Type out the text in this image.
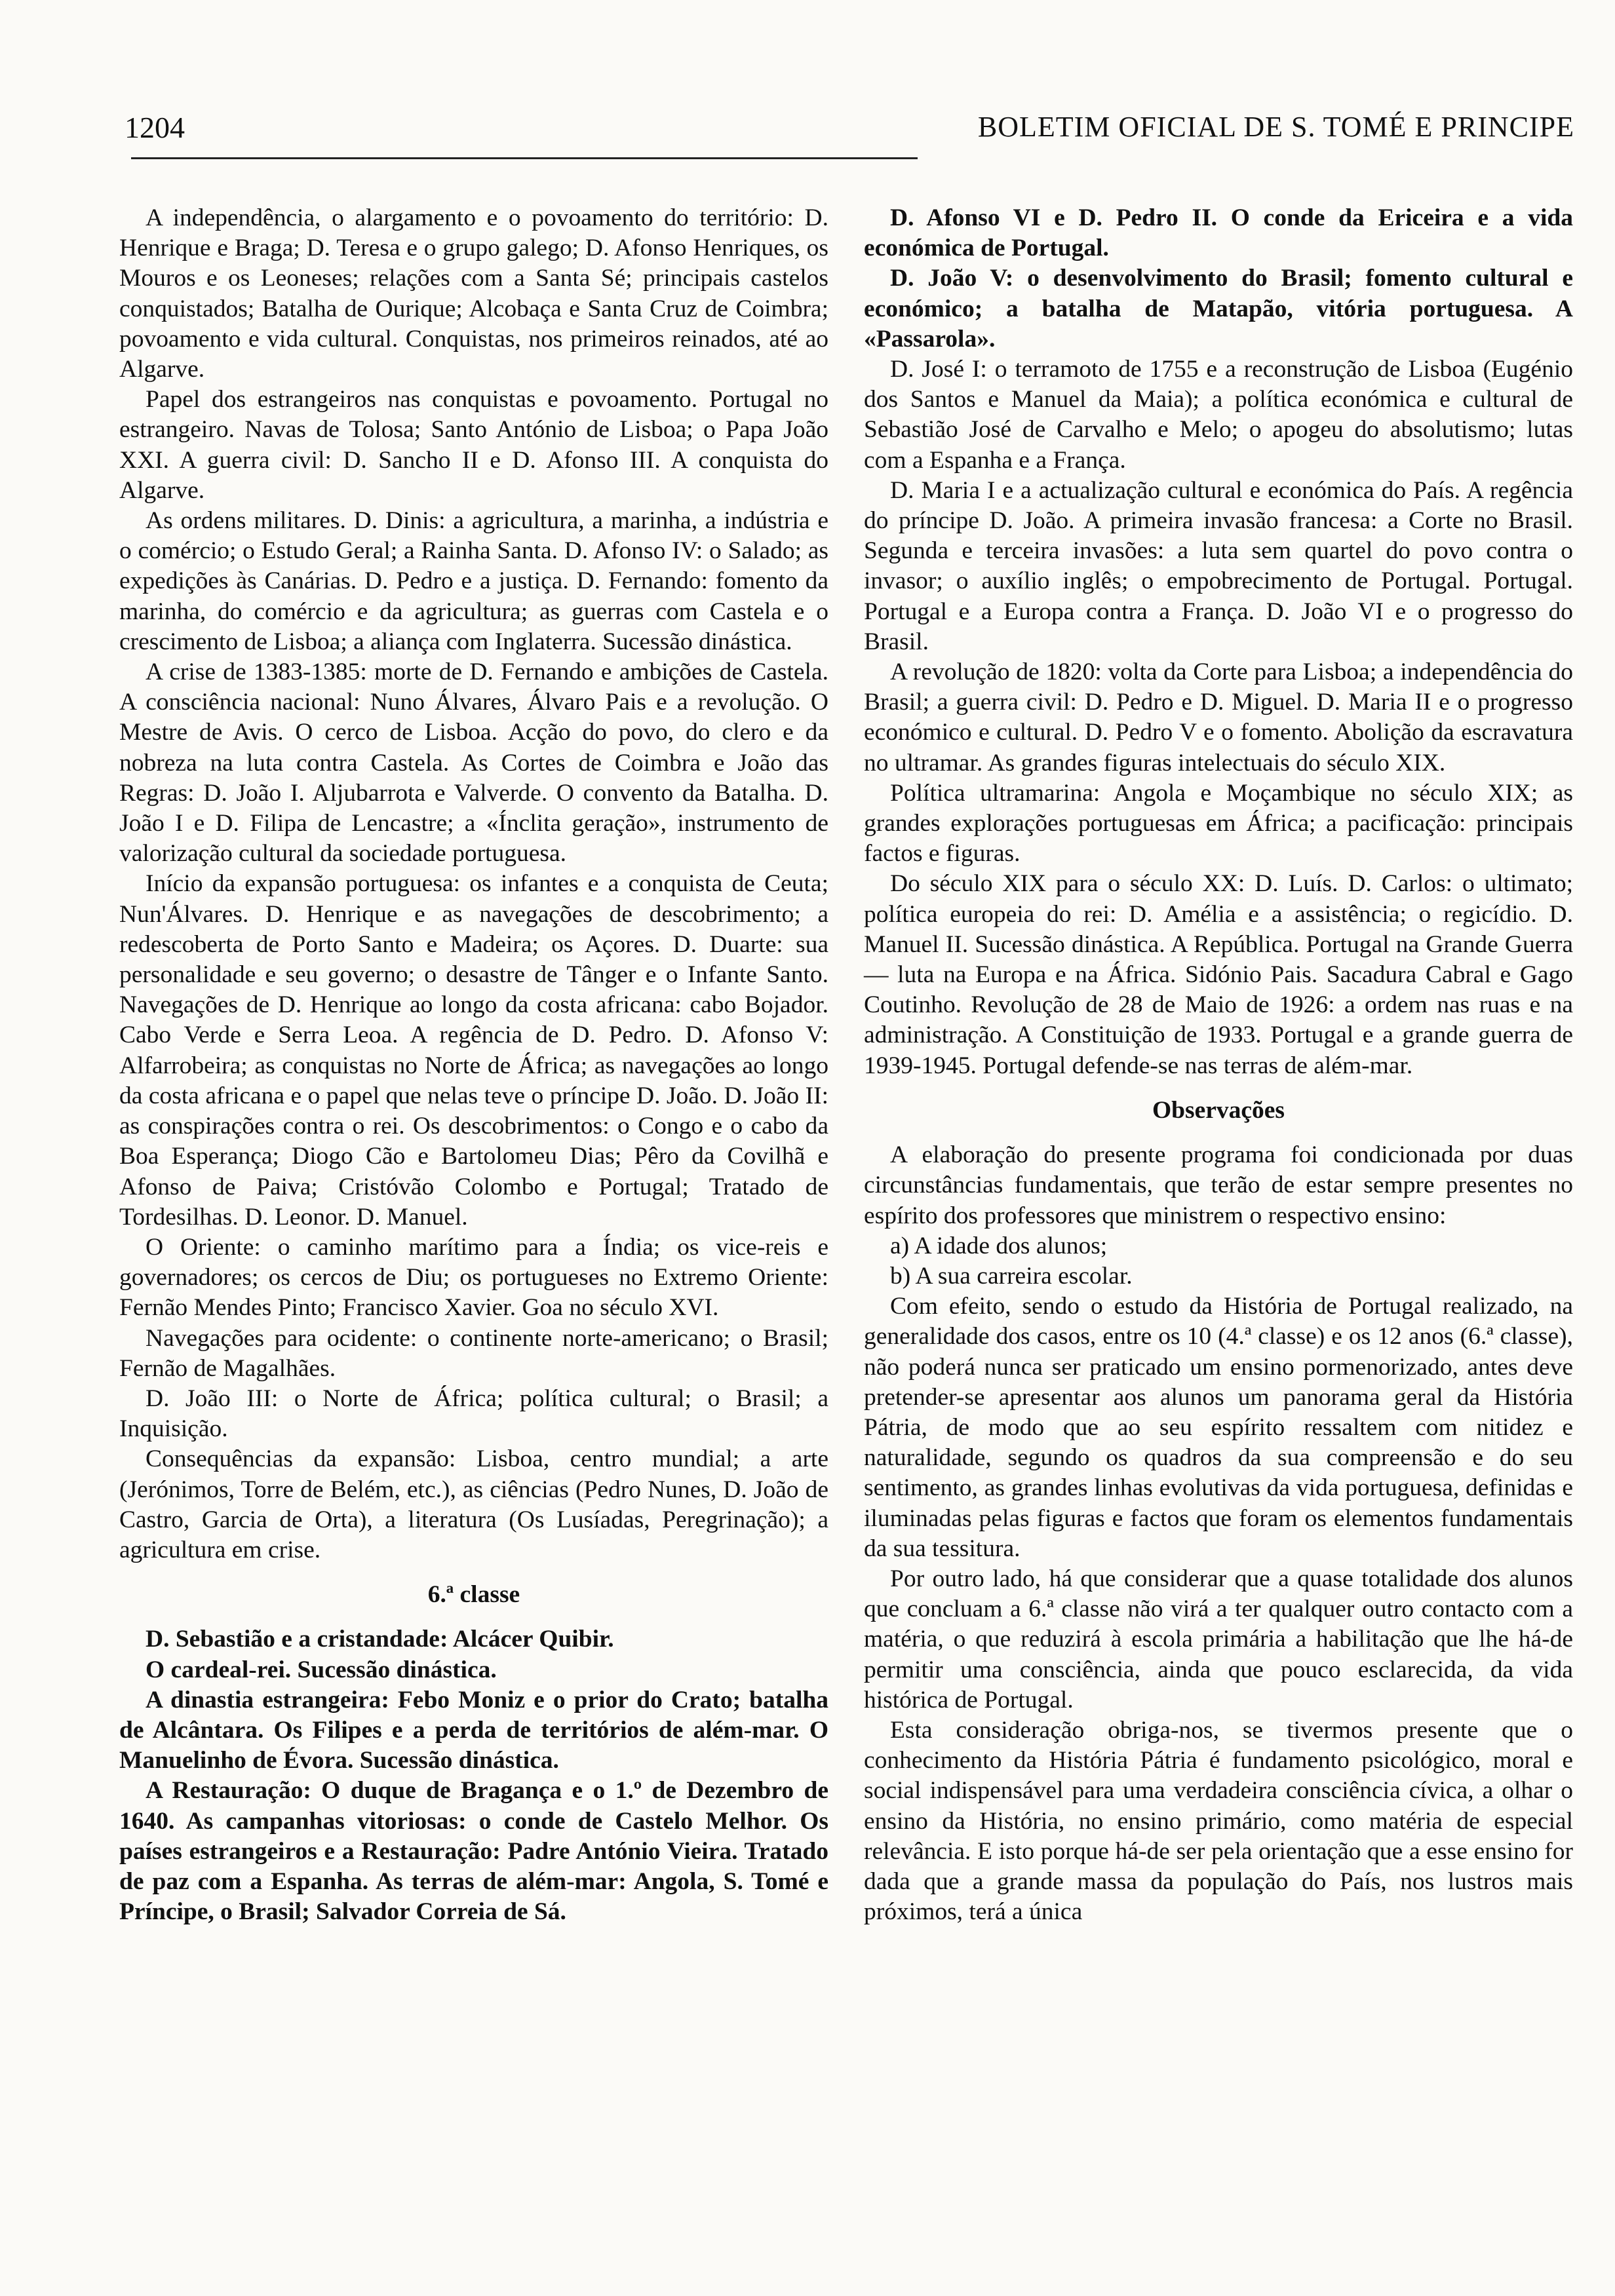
1204	BOLETIM OFICIAL DE S. TOMÉ E PRINCIPE

A independência, o alargamento e o povoamento do território: D. Henrique e Braga; D. Teresa e o grupo galego; D. Afonso Henriques, os Mouros e os Leoneses; relações com a Santa Sé; principais castelos conquistados; Batalha de Ourique; Alcobaça e Santa Cruz de Coimbra; povoamento e vida cultural. Conquistas, nos primeiros reinados, até ao Algarve.

Papel dos estrangeiros nas conquistas e povoamento. Portugal no estrangeiro. Navas de Tolosa; Santo António de Lisboa; o Papa João XXI. A guerra civil: D. Sancho II e D. Afonso III. A conquista do Algarve.

As ordens militares. D. Dinis: a agricultura, a marinha, a indústria e o comércio; o Estudo Geral; a Rainha Santa. D. Afonso IV: o Salado; as expedições às Canárias. D. Pedro e a justiça. D. Fernando: fomento da marinha, do comércio e da agricultura; as guerras com Castela e o crescimento de Lisboa; a aliança com Inglaterra. Sucessão dinástica.

A crise de 1383-1385: morte de D. Fernando e ambições de Castela. A consciência nacional: Nuno Álvares, Álvaro Pais e a revolução. O Mestre de Avis. O cerco de Lisboa. Acção do povo, do clero e da nobreza na luta contra Castela. As Cortes de Coimbra e João das Regras: D. João I. Aljubarrota e Valverde. O convento da Batalha. D. João I e D. Filipa de Lencastre; a «Ínclita geração», instrumento de valorização cultural da sociedade portuguesa.

Início da expansão portuguesa: os infantes e a conquista de Ceuta; Nun'Álvares. D. Henrique e as navegações de descobrimento; a redescoberta de Porto Santo e Madeira; os Açores. D. Duarte: sua personalidade e seu governo; o desastre de Tânger e o Infante Santo. Navegações de D. Henrique ao longo da costa africana: cabo Bojador. Cabo Verde e Serra Leoa. A regência de D. Pedro. D. Afonso V: Alfarrobeira; as conquistas no Norte de África; as navegações ao longo da costa africana e o papel que nelas teve o príncipe D. João. D. João II: as conspirações contra o rei. Os descobrimentos: o Congo e o cabo da Boa Esperança; Diogo Cão e Bartolomeu Dias; Pêro da Covilhã e Afonso de Paiva; Cristóvão Colombo e Portugal; Tratado de Tordesilhas. D. Leonor. D. Manuel.

O Oriente: o caminho marítimo para a Índia; os vice-reis e governadores; os cercos de Diu; os portugueses no Extremo Oriente: Fernão Mendes Pinto; Francisco Xavier. Goa no século XVI.

Navegações para ocidente: o continente norte-americano; o Brasil; Fernão de Magalhães.

D. João III: o Norte de África; política cultural; o Brasil; a Inquisição.

Consequências da expansão: Lisboa, centro mundial; a arte (Jerónimos, Torre de Belém, etc.), as ciências (Pedro Nunes, D. João de Castro, Garcia de Orta), a literatura (Os Lusíadas, Peregrinação); a agricultura em crise.

6.ª classe

D. Sebastião e a cristandade: Alcácer Quibir.

O cardeal-rei. Sucessão dinástica.

A dinastia estrangeira: Febo Moniz e o prior do Crato; batalha de Alcântara. Os Filipes e a perda de territórios de além-mar. O Manuelinho de Évora. Sucessão dinástica.

A Restauração: O duque de Bragança e o 1.º de Dezembro de 1640. As campanhas vitoriosas: o conde de Castelo Melhor. Os países estrangeiros e a Restauração: Padre António Vieira. Tratado de paz com a Espanha. As terras de além-mar: Angola, S. Tomé e Príncipe, o Brasil; Salvador Correia de Sá.

D. Afonso VI e D. Pedro II. O conde da Ericeira e a vida económica de Portugal.

D. João V: o desenvolvimento do Brasil; fomento cultural e económico; a batalha de Matapão, vitória portuguesa. A «Passarola».

D. José I: o terramoto de 1755 e a reconstrução de Lisboa (Eugénio dos Santos e Manuel da Maia); a política económica e cultural de Sebastião José de Carvalho e Melo; o apogeu do absolutismo; lutas com a Espanha e a França.

D. Maria I e a actualização cultural e económica do País. A regência do príncipe D. João. A primeira invasão francesa: a Corte no Brasil. Segunda e terceira invasões: a luta sem quartel do povo contra o invasor; o auxílio inglês; o empobrecimento de Portugal. Portugal. Portugal e a Europa contra a França. D. João VI e o progresso do Brasil.

A revolução de 1820: volta da Corte para Lisboa; a independência do Brasil; a guerra civil: D. Pedro e D. Miguel. D. Maria II e o progresso económico e cultural. D. Pedro V e o fomento. Abolição da escravatura no ultramar. As grandes figuras intelectuais do século XIX.

Política ultramarina: Angola e Moçambique no século XIX; as grandes explorações portuguesas em África; a pacificação: principais factos e figuras.

Do século XIX para o século XX: D. Luís. D. Carlos: o ultimato; política europeia do rei: D. Amélia e a assistência; o regicídio. D. Manuel II. Sucessão dinástica. A República. Portugal na Grande Guerra — luta na Europa e na África. Sidónio Pais. Sacadura Cabral e Gago Coutinho. Revolução de 28 de Maio de 1926: a ordem nas ruas e na administração. A Constituição de 1933. Portugal e a grande guerra de 1939-1945. Portugal defende-se nas terras de além-mar.

Observações

A elaboração do presente programa foi condicionada por duas circunstâncias fundamentais, que terão de estar sempre presentes no espírito dos professores que ministrem o respectivo ensino:

a) A idade dos alunos;

b) A sua carreira escolar.

Com efeito, sendo o estudo da História de Portugal realizado, na generalidade dos casos, entre os 10 (4.ª classe) e os 12 anos (6.ª classe), não poderá nunca ser praticado um ensino pormenorizado, antes deve pretender-se apresentar aos alunos um panorama geral da História Pátria, de modo que ao seu espírito ressaltem com nitidez e naturalidade, segundo os quadros da sua compreensão e do seu sentimento, as grandes linhas evolutivas da vida portuguesa, definidas e iluminadas pelas figuras e factos que foram os elementos fundamentais da sua tessitura.

Por outro lado, há que considerar que a quase totalidade dos alunos que concluam a 6.ª classe não virá a ter qualquer outro contacto com a matéria, o que reduzirá à escola primária a habilitação que lhe há-de permitir uma consciência, ainda que pouco esclarecida, da vida histórica de Portugal.

Esta consideração obriga-nos, se tivermos presente que o conhecimento da História Pátria é fundamento psicológico, moral e social indispensável para uma verdadeira consciência cívica, a olhar o ensino da História, no ensino primário, como matéria de especial relevância. E isto porque há-de ser pela orientação que a esse ensino for dada que a grande massa da população do País, nos lustros mais próximos, terá a única
